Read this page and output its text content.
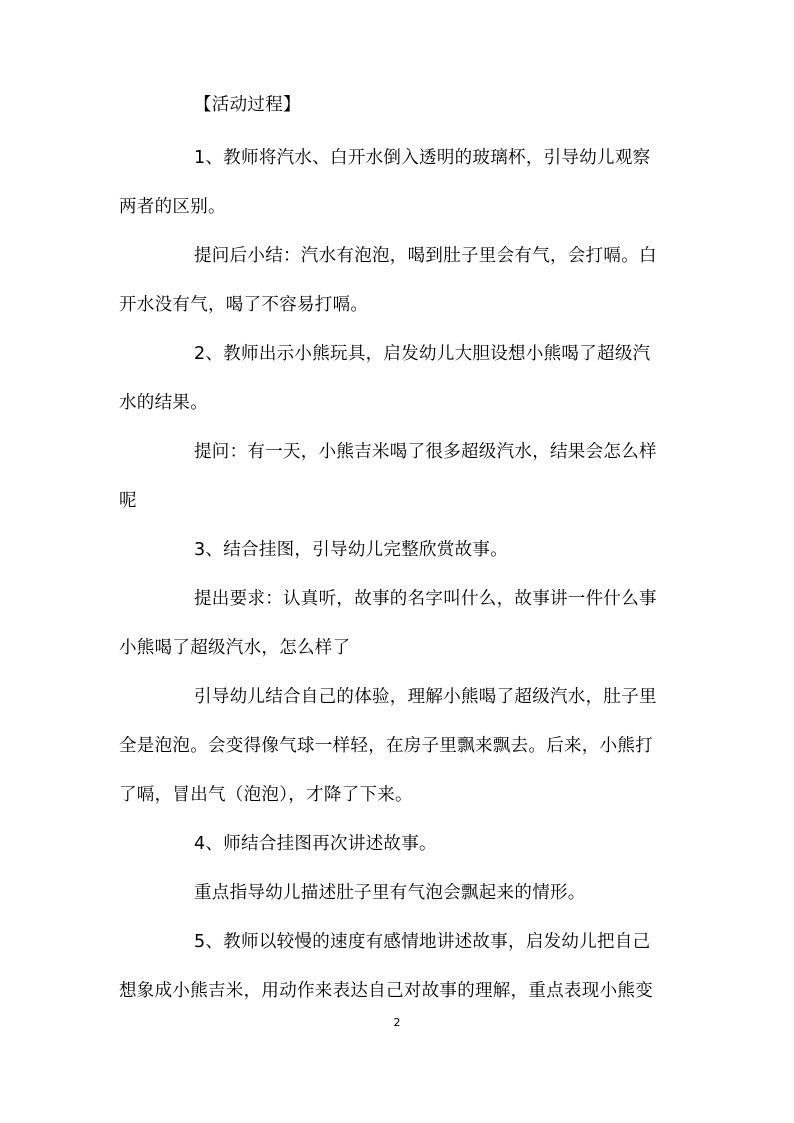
【活动过程】
1、教师将汽水、白开水倒入透明的玻璃杯，引导幼儿观察
两者的区别。
提问后小结：汽水有泡泡，喝到肚子里会有气，会打嗝。白
开水没有气，喝了不容易打嗝。
2、教师出示小熊玩具，启发幼儿大胆设想小熊喝了超级汽
水的结果。
提问：有一天，小熊吉米喝了很多超级汽水，结果会怎么样
呢
3、结合挂图，引导幼儿完整欣赏故事。
提出要求：认真听，故事的名字叫什么，故事讲一件什么事
小熊喝了超级汽水，怎么样了
引导幼儿结合自己的体验，理解小熊喝了超级汽水，肚子里
全是泡泡。会变得像气球一样轻，在房子里飘来飘去。后来，小熊打
了嗝，冒出气（泡泡），才降了下来。
4、师结合挂图再次讲述故事。
重点指导幼儿描述肚子里有气泡会飘起来的情形。
5、教师以较慢的速度有感情地讲述故事，启发幼儿把自己
想象成小熊吉米，用动作来表达自己对故事的理解，重点表现小熊变
2
